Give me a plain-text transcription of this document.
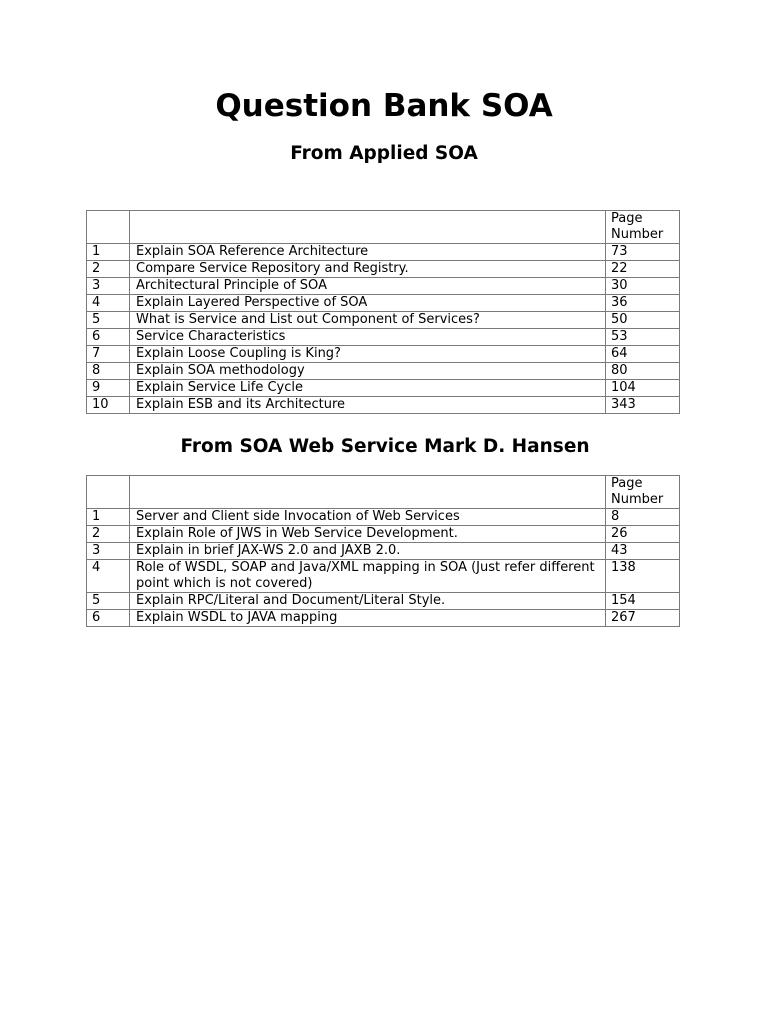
Question Bank SOA
From Applied SOA
		Page Number
1	Explain SOA Reference Architecture	73
2	Compare Service Repository and Registry.	22
3	Architectural Principle of SOA	30
4	Explain Layered Perspective of SOA	36
5	What is Service and List out Component of Services?	50
6	Service Characteristics	53
7	Explain Loose Coupling is King?	64
8	Explain SOA methodology	80
9	Explain Service Life Cycle	104
10	Explain ESB and its Architecture	343
From SOA Web Service Mark D. Hansen
		Page Number
1	Server and Client side Invocation of Web Services	8
2	Explain Role of JWS in Web Service Development.	26
3	Explain in brief JAX-WS 2.0 and JAXB 2.0.	43
4	Role of WSDL, SOAP and Java/XML mapping in SOA (Just refer different point which is not covered)	138
5	Explain RPC/Literal and Document/Literal Style.	154
6	Explain WSDL to JAVA mapping	267
